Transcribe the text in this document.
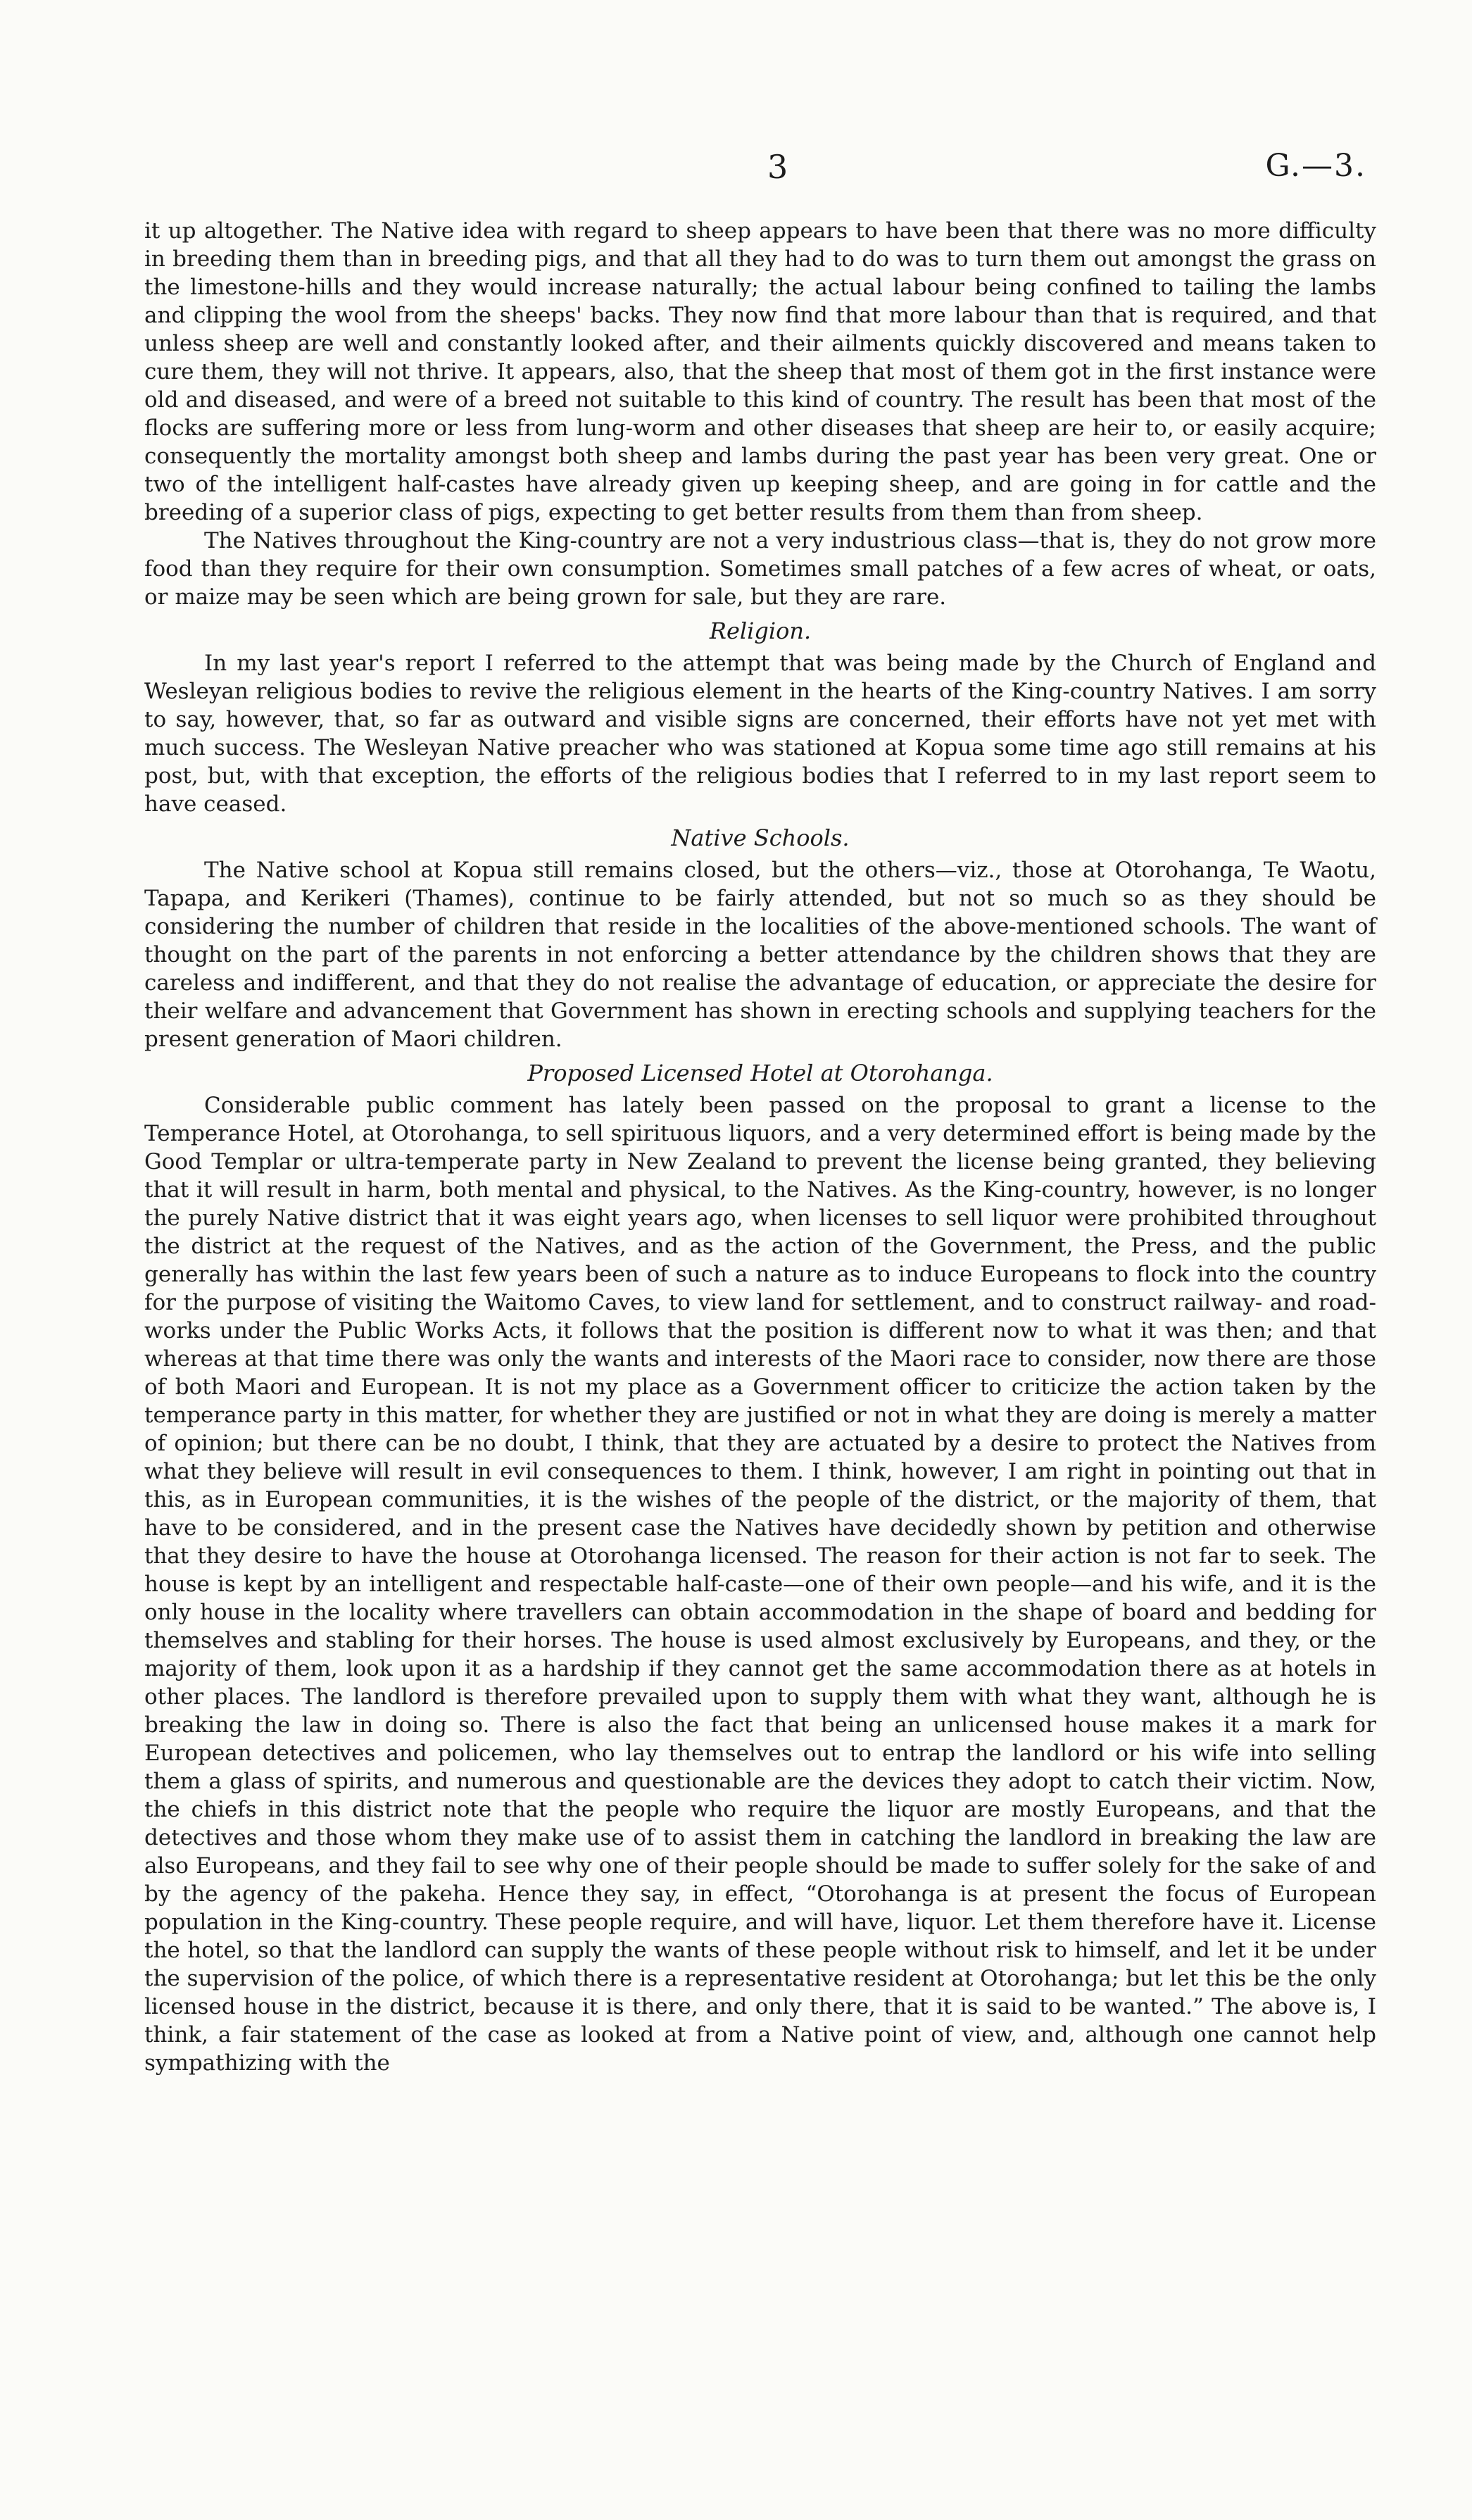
3	G.—3.

it up altogether. The Native idea with regard to sheep appears to have been that there was no more difficulty in breeding them than in breeding pigs, and that all they had to do was to turn them out amongst the grass on the limestone-hills and they would increase naturally; the actual labour being confined to tailing the lambs and clipping the wool from the sheeps' backs. They now find that more labour than that is required, and that unless sheep are well and constantly looked after, and their ailments quickly discovered and means taken to cure them, they will not thrive. It appears, also, that the sheep that most of them got in the first instance were old and diseased, and were of a breed not suitable to this kind of country. The result has been that most of the flocks are suffering more or less from lung-worm and other diseases that sheep are heir to, or easily acquire; consequently the mortality amongst both sheep and lambs during the past year has been very great. One or two of the intelligent half-castes have already given up keeping sheep, and are going in for cattle and the breeding of a superior class of pigs, expecting to get better results from them than from sheep.

The Natives throughout the King-country are not a very industrious class—that is, they do not grow more food than they require for their own consumption. Sometimes small patches of a few acres of wheat, or oats, or maize may be seen which are being grown for sale, but they are rare.

Religion.

In my last year's report I referred to the attempt that was being made by the Church of England and Wesleyan religious bodies to revive the religious element in the hearts of the King-country Natives. I am sorry to say, however, that, so far as outward and visible signs are concerned, their efforts have not yet met with much success. The Wesleyan Native preacher who was stationed at Kopua some time ago still remains at his post, but, with that exception, the efforts of the religious bodies that I referred to in my last report seem to have ceased.

Native Schools.

The Native school at Kopua still remains closed, but the others—viz., those at Otorohanga, Te Waotu, Tapapa, and Kerikeri (Thames), continue to be fairly attended, but not so much so as they should be considering the number of children that reside in the localities of the above-mentioned schools. The want of thought on the part of the parents in not enforcing a better attendance by the children shows that they are careless and indifferent, and that they do not realise the advantage of education, or appreciate the desire for their welfare and advancement that Government has shown in erecting schools and supplying teachers for the present generation of Maori children.

Proposed Licensed Hotel at Otorohanga.

Considerable public comment has lately been passed on the proposal to grant a license to the Temperance Hotel, at Otorohanga, to sell spirituous liquors, and a very determined effort is being made by the Good Templar or ultra-temperate party in New Zealand to prevent the license being granted, they believing that it will result in harm, both mental and physical, to the Natives. As the King-country, however, is no longer the purely Native district that it was eight years ago, when licenses to sell liquor were prohibited throughout the district at the request of the Natives, and as the action of the Government, the Press, and the public generally has within the last few years been of such a nature as to induce Europeans to flock into the country for the purpose of visiting the Waitomo Caves, to view land for settlement, and to construct railway- and road-works under the Public Works Acts, it follows that the position is different now to what it was then; and that whereas at that time there was only the wants and interests of the Maori race to consider, now there are those of both Maori and European. It is not my place as a Government officer to criticize the action taken by the temperance party in this matter, for whether they are justified or not in what they are doing is merely a matter of opinion; but there can be no doubt, I think, that they are actuated by a desire to protect the Natives from what they believe will result in evil consequences to them. I think, however, I am right in pointing out that in this, as in European communities, it is the wishes of the people of the district, or the majority of them, that have to be considered, and in the present case the Natives have decidedly shown by petition and otherwise that they desire to have the house at Otorohanga licensed. The reason for their action is not far to seek. The house is kept by an intelligent and respectable half-caste—one of their own people—and his wife, and it is the only house in the locality where travellers can obtain accommodation in the shape of board and bedding for themselves and stabling for their horses. The house is used almost exclusively by Europeans, and they, or the majority of them, look upon it as a hardship if they cannot get the same accommodation there as at hotels in other places. The landlord is therefore prevailed upon to supply them with what they want, although he is breaking the law in doing so. There is also the fact that being an unlicensed house makes it a mark for European detectives and policemen, who lay themselves out to entrap the landlord or his wife into selling them a glass of spirits, and numerous and questionable are the devices they adopt to catch their victim. Now, the chiefs in this district note that the people who require the liquor are mostly Europeans, and that the detectives and those whom they make use of to assist them in catching the landlord in breaking the law are also Europeans, and they fail to see why one of their people should be made to suffer solely for the sake of and by the agency of the pakeha. Hence they say, in effect, “Otorohanga is at present the focus of European population in the King-country. These people require, and will have, liquor. Let them therefore have it. License the hotel, so that the landlord can supply the wants of these people without risk to himself, and let it be under the supervision of the police, of which there is a representative resident at Otorohanga; but let this be the only licensed house in the district, because it is there, and only there, that it is said to be wanted.” The above is, I think, a fair statement of the case as looked at from a Native point of view, and, although one cannot help sympathizing with the
